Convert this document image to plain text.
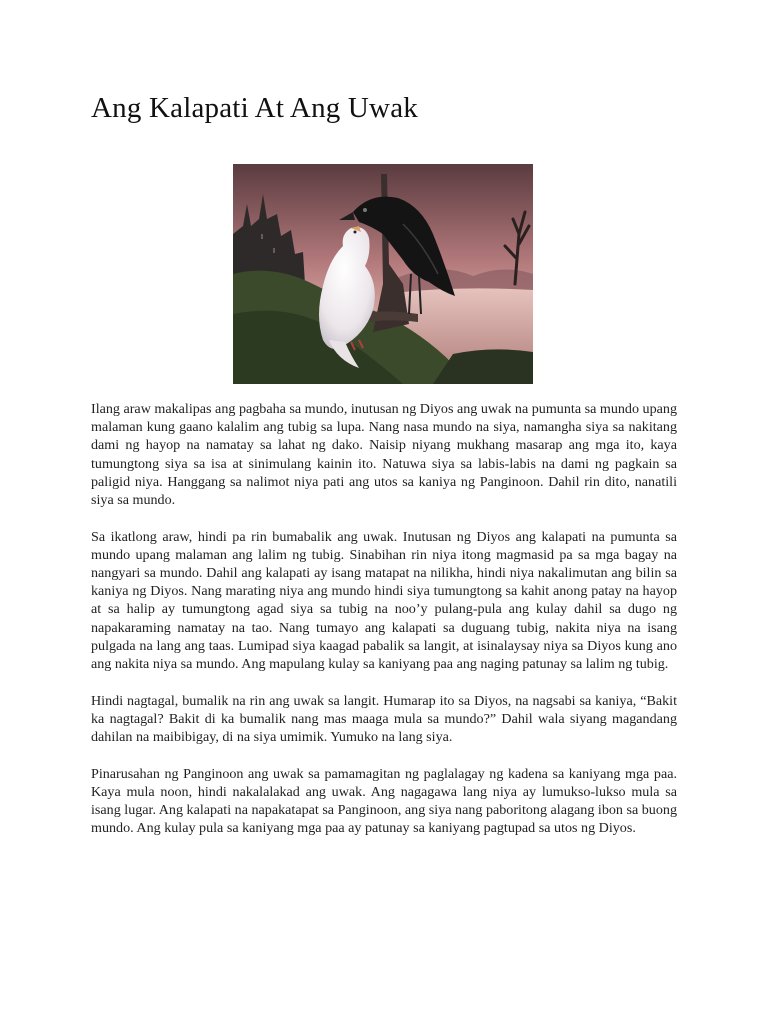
Ang Kalapati At Ang Uwak

Ilang araw makalipas ang pagbaha sa mundo, inutusan ng Diyos ang uwak na pumunta sa mundo upang malaman kung gaano kalalim ang tubig sa lupa. Nang nasa mundo na siya, namangha siya sa nakitang dami ng hayop na namatay sa lahat ng dako. Naisip niyang mukhang masarap ang mga ito, kaya tumungtong siya sa isa at sinimulang kainin ito. Natuwa siya sa labis-labis na dami ng pagkain sa paligid niya. Hanggang sa nalimot niya pati ang utos sa kaniya ng Panginoon. Dahil rin dito, nanatili siya sa mundo.

Sa ikatlong araw, hindi pa rin bumabalik ang uwak. Inutusan ng Diyos ang kalapati na pumunta sa mundo upang malaman ang lalim ng tubig. Sinabihan rin niya itong magmasid pa sa mga bagay na nangyari sa mundo. Dahil ang kalapati ay isang matapat na nilikha, hindi niya nakalimutan ang bilin sa kaniya ng Diyos. Nang marating niya ang mundo hindi siya tumungtong sa kahit anong patay na hayop at sa halip ay tumungtong agad siya sa tubig na noo’y pulang-pula ang kulay dahil sa dugo ng napakaraming namatay na tao. Nang tumayo ang kalapati sa duguang tubig, nakita niya na isang pulgada na lang ang taas. Lumipad siya kaagad pabalik sa langit, at isinalaysay niya sa Diyos kung ano ang nakita niya sa mundo. Ang mapulang kulay sa kaniyang paa ang naging patunay sa lalim ng tubig.

Hindi nagtagal, bumalik na rin ang uwak sa langit. Humarap ito sa Diyos, na nagsabi sa kaniya, “Bakit ka nagtagal? Bakit di ka bumalik nang mas maaga mula sa mundo?” Dahil wala siyang magandang dahilan na maibibigay, di na siya umimik. Yumuko na lang siya.

Pinarusahan ng Panginoon ang uwak sa pamamagitan ng paglalagay ng kadena sa kaniyang mga paa. Kaya mula noon, hindi nakalalakad ang uwak. Ang nagagawa lang niya ay lumukso-lukso mula sa isang lugar. Ang kalapati na napakatapat sa Panginoon, ang siya nang paboritong alagang ibon sa buong mundo. Ang kulay pula sa kaniyang mga paa ay patunay sa kaniyang pagtupad sa utos ng Diyos.
